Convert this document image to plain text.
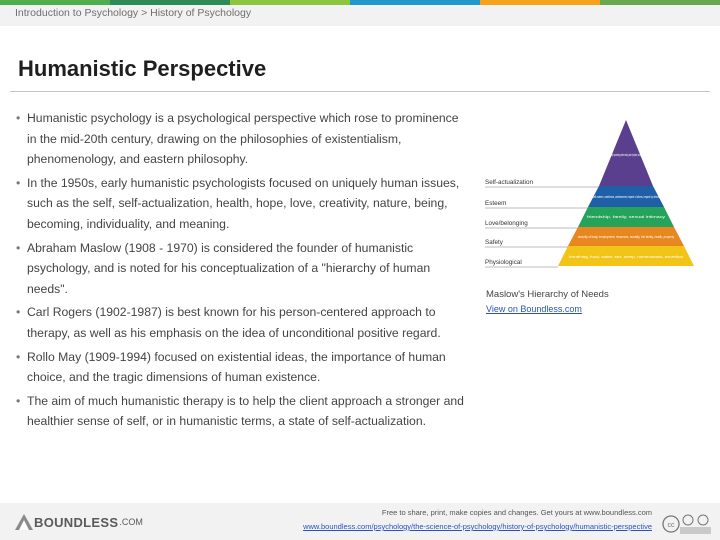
Introduction to Psychology > History of Psychology
Humanistic Perspective
• Humanistic psychology is a psychological perspective which rose to prominence in the mid-20th century, drawing on the philosophies of existentialism, phenomenology, and eastern philosophy.
• In the 1950s, early humanistic psychologists focused on uniquely human issues, such as the self, self-actualization, health, hope, love, creativity, nature, being, becoming, individuality, and meaning.
• Abraham Maslow (1908 - 1970) is considered the founder of humanistic psychology, and is noted for his conceptualization of a "hierarchy of human needs".
• Carl Rogers (1902-1987) is best known for his person-centered approach to therapy, as well as his emphasis on the idea of unconditional positive regard.
• Rollo May (1909-1994) focused on existential ideas, the importance of human choice, and the tragic dimensions of human existence.
• The aim of much humanistic therapy is to help the client approach a stronger and healthier sense of self, or in humanistic terms, a state of self-actualization.
Self-actualization
Esteem
Love/belonging
Safety
Physiological
morality, creativity, spontaneity, problem solving, lack of prejudice, acceptance of facts
self-esteem, confidence, achievement, respect of others, respect by others
friendship, family, sexual intimacy
security of body, employment, resources, morality, the family, health, property
breathing, food, water, sex, sleep, homeostasis, excretion
Maslow's Hierarchy of Needs
View on Boundless.com
BOUNDLESS .COM
Free to share, print, make copies and changes. Get yours at www.boundless.com
www.boundless.com/psychology/the-science-of-psychology/history-of-psychology/humanistic-perspective cc
